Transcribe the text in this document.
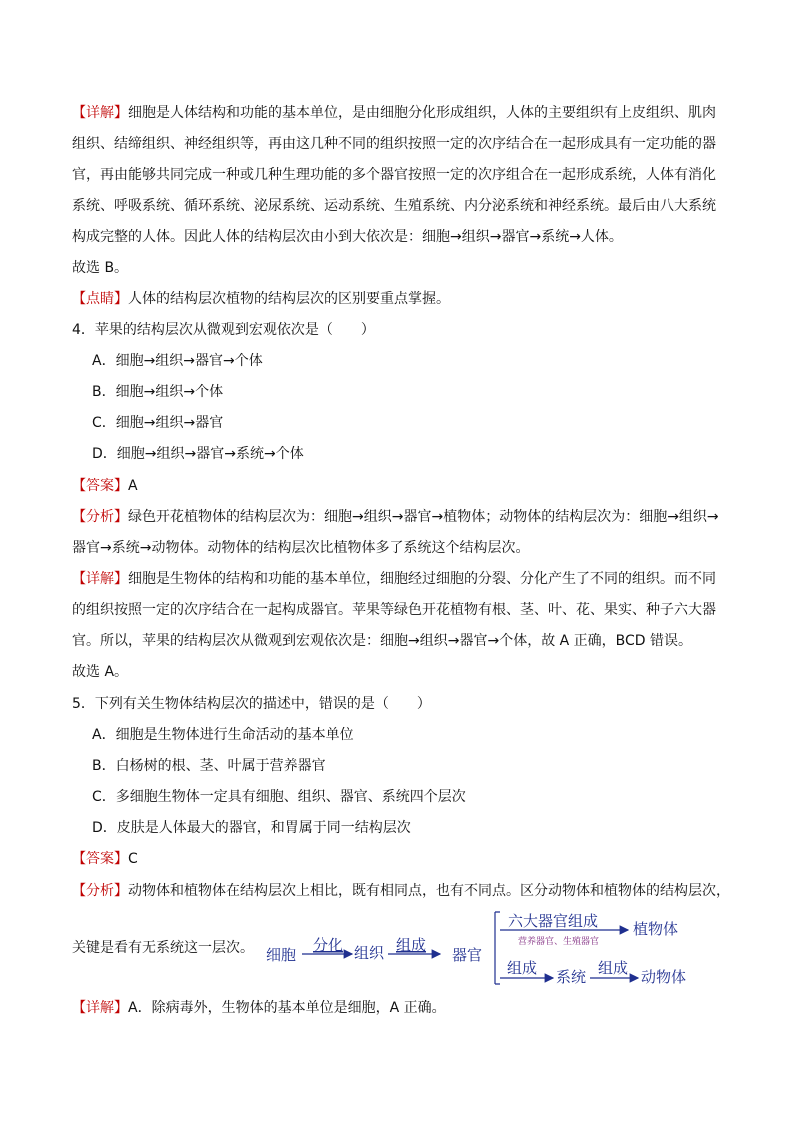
【详解】细胞是人体结构和功能的基本单位，是由细胞分化形成组织，人体的主要组织有上皮组织、肌肉
组织、结缔组织、神经组织等，再由这几种不同的组织按照一定的次序结合在一起形成具有一定功能的器
官，再由能够共同完成一种或几种生理功能的多个器官按照一定的次序组合在一起形成系统，人体有消化
系统、呼吸系统、循环系统、泌尿系统、运动系统、生殖系统、内分泌系统和神经系统。最后由八大系统
构成完整的人体。因此人体的结构层次由小到大依次是：细胞→组织→器官→系统→人体。
故选 B。
【点睛】人体的结构层次植物的结构层次的区别要重点掌握。
4．苹果的结构层次从微观到宏观依次是（　　）
A．细胞→组织→器官→个体
B．细胞→组织→个体
C．细胞→组织→器官
D．细胞→组织→器官→系统→个体
【答案】A
【分析】绿色开花植物体的结构层次为：细胞→组织→器官→植物体；动物体的结构层次为：细胞→组织→
器官→系统→动物体。动物体的结构层次比植物体多了系统这个结构层次。
【详解】细胞是生物体的结构和功能的基本单位，细胞经过细胞的分裂、分化产生了不同的组织。而不同
的组织按照一定的次序结合在一起构成器官。苹果等绿色开花植物有根、茎、叶、花、果实、种子六大器
官。所以，苹果的结构层次从微观到宏观依次是：细胞→组织→器官→个体，故 A 正确，BCD 错误。
故选 A。
5．下列有关生物体结构层次的描述中，错误的是（　　）
A．细胞是生物体进行生命活动的基本单位
B．白杨树的根、茎、叶属于营养器官
C．多细胞生物体一定具有细胞、组织、器官、系统四个层次
D．皮肤是人体最大的器官，和胃属于同一结构层次
【答案】C
【分析】动物体和植物体在结构层次上相比，既有相同点，也有不同点。区分动物体和植物体的结构层次，
关键是看有无系统这一层次。 细胞
分化 组织 组成
器官
六大器官组成
营养器官、生殖器官
植物体
组成 系统 组成 动物体
【详解】A．除病毒外，生物体的基本单位是细胞，A 正确。
